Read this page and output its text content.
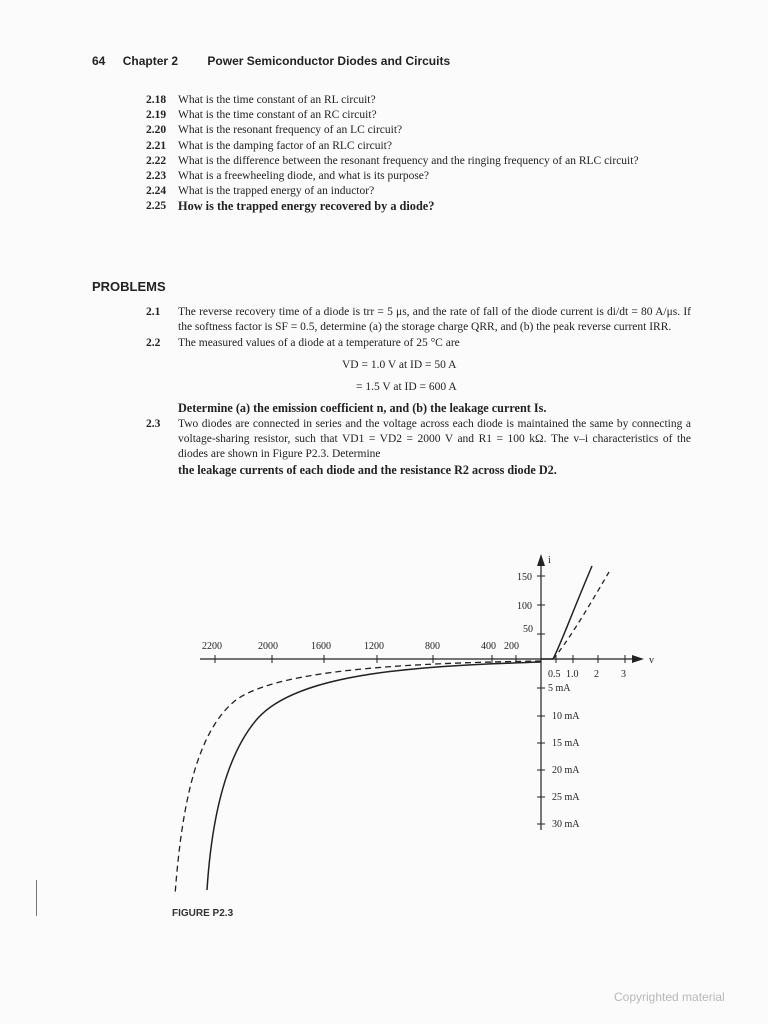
64 Chapter 2 Power Semiconductor Diodes and Circuits
2.18	What is the time constant of an RL circuit?
2.19	What is the time constant of an RC circuit?
2.20	What is the resonant frequency of an LC circuit?
2.21	What is the damping factor of an RLC circuit?
2.22	What is the difference between the resonant frequency and the ringing frequency of an RLC circuit?
2.23	What is a freewheeling diode, and what is its purpose?
2.24	What is the trapped energy of an inductor?
2.25 How is the trapped energy recovered by a diode?
PROBLEMS
2.1	The reverse recovery time of a diode is trr = 5 μs, and the rate of fall of the diode current is di/dt = 80 A/μs. If the softness factor is SF = 0.5, determine (a) the storage charge QRR, and (b) the peak reverse current IRR.
2.2	The measured values of a diode at a temperature of 25 °C are
VD = 1.0 V at ID = 50 A
= 1.5 V at ID = 600 A
Determine (a) the emission coefficient n, and (b) the leakage current Is.
2.3	Two diodes are connected in series and the voltage across each diode is maintained the same by connecting a voltage-sharing resistor, such that VD1 = VD2 = 2000 V and R1 = 100 kΩ. The v–i characteristics of the diodes are shown in Figure P2.3. Determine
the leakage currents of each diode and the resistance R2 across diode D2.
i
v
2200	2000	1600	1200	800	400 200
0.5 1.0 2 3
150
100
50
5 mA
10 mA
15 mA
20 mA
25 mA
30 mA
FIGURE P2.3
Copyrighted material
